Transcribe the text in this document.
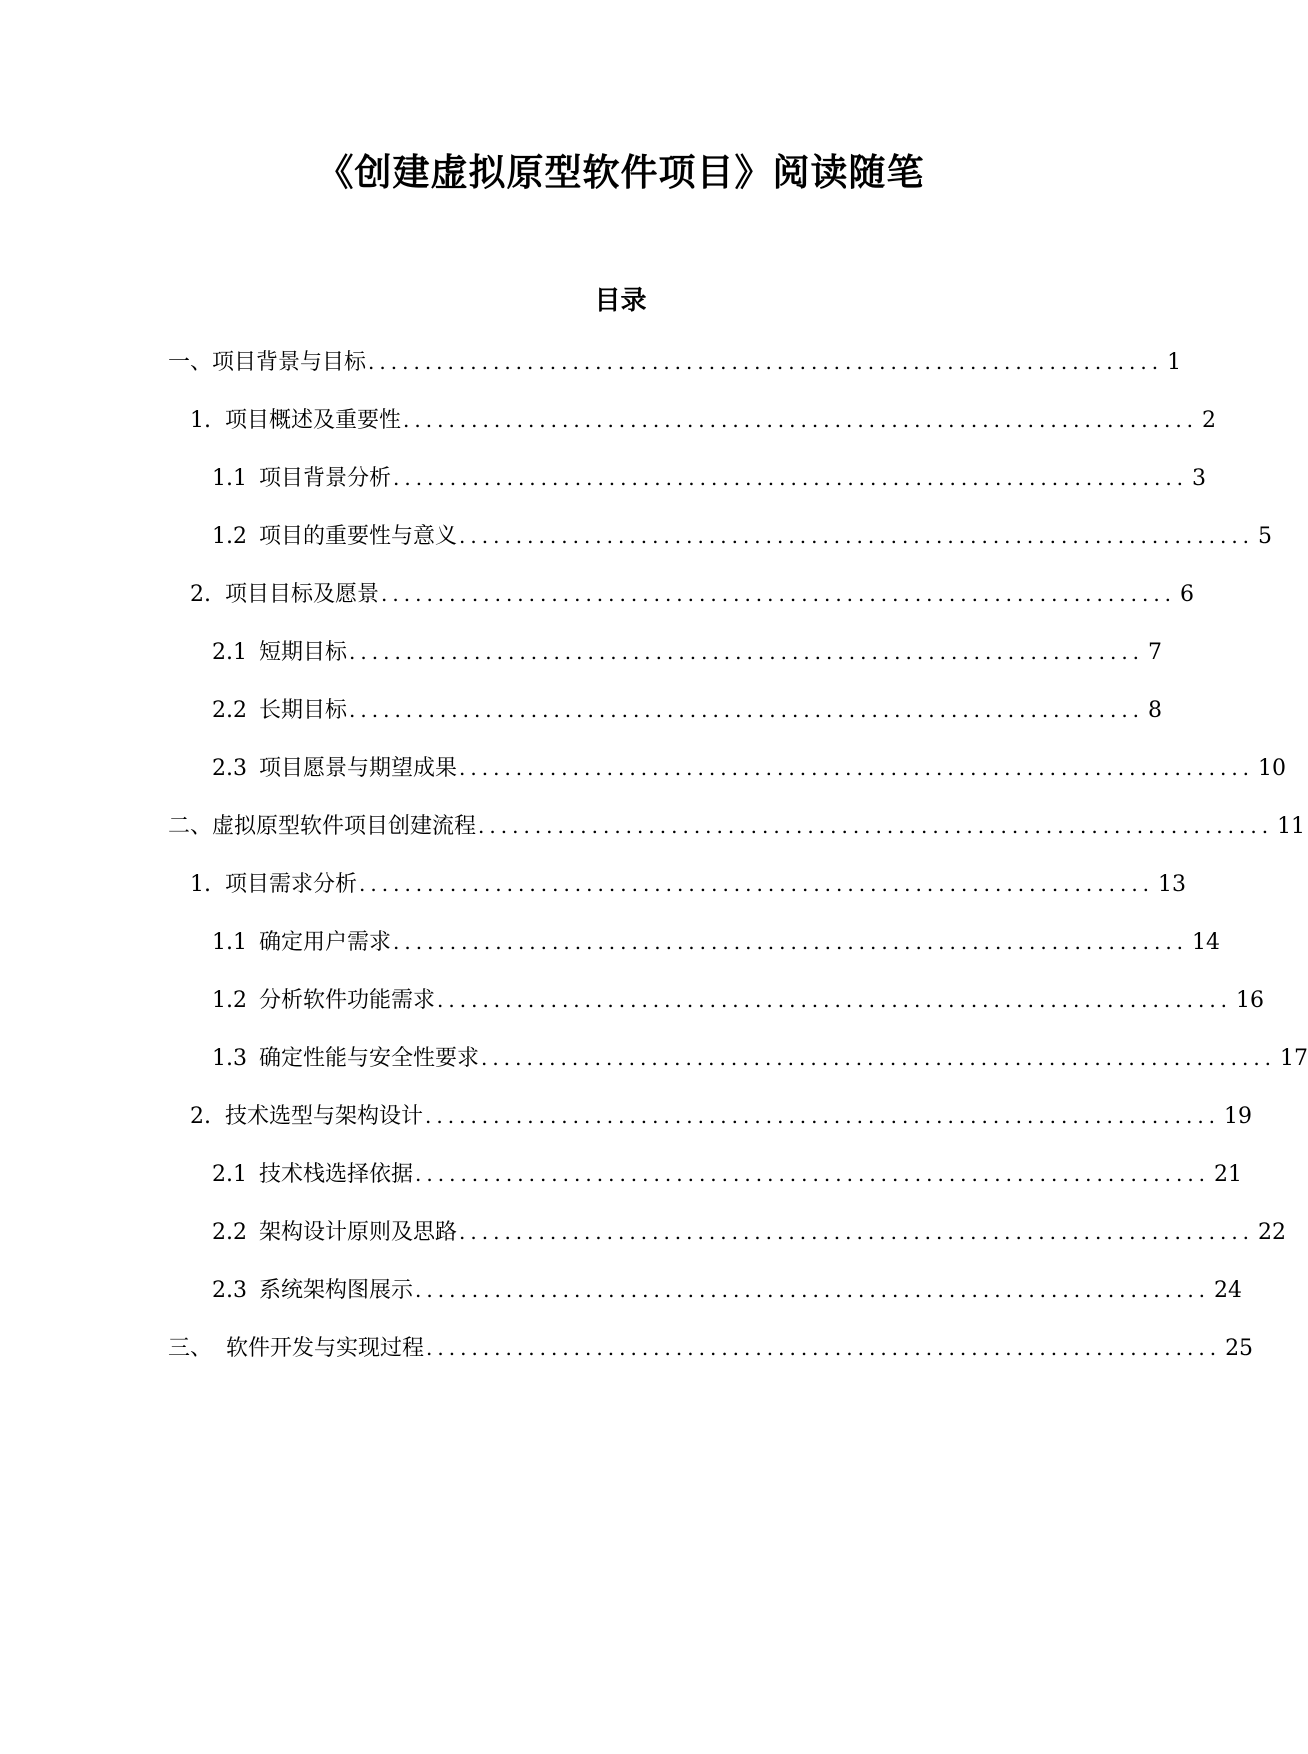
《创建虚拟原型软件项目》阅读随笔
目录
一、 项目背景与目标 ...................................................................... 1
1. 项目概述及重要性 ...................................................................... 2
1.1 项目背景分析 ...................................................................... 3
1.2 项目的重要性与意义 ...................................................................... 5
2. 项目目标及愿景 ...................................................................... 6
2.1 短期目标 ...................................................................... 7
2.2 长期目标 ...................................................................... 8
2.3 项目愿景与期望成果 ...................................................................... 10
二、 虚拟原型软件项目创建流程 ...................................................................... 11
1. 项目需求分析 ...................................................................... 13
1.1 确定用户需求 ...................................................................... 14
1.2 分析软件功能需求 ...................................................................... 16
1.3 确定性能与安全性要求 ...................................................................... 17
2. 技术选型与架构设计 ...................................................................... 19
2.1 技术栈选择依据 ...................................................................... 21
2.2 架构设计原则及思路 ...................................................................... 22
2.3 系统架构图展示 ...................................................................... 24
三、 软件开发与实现过程 ...................................................................... 25
